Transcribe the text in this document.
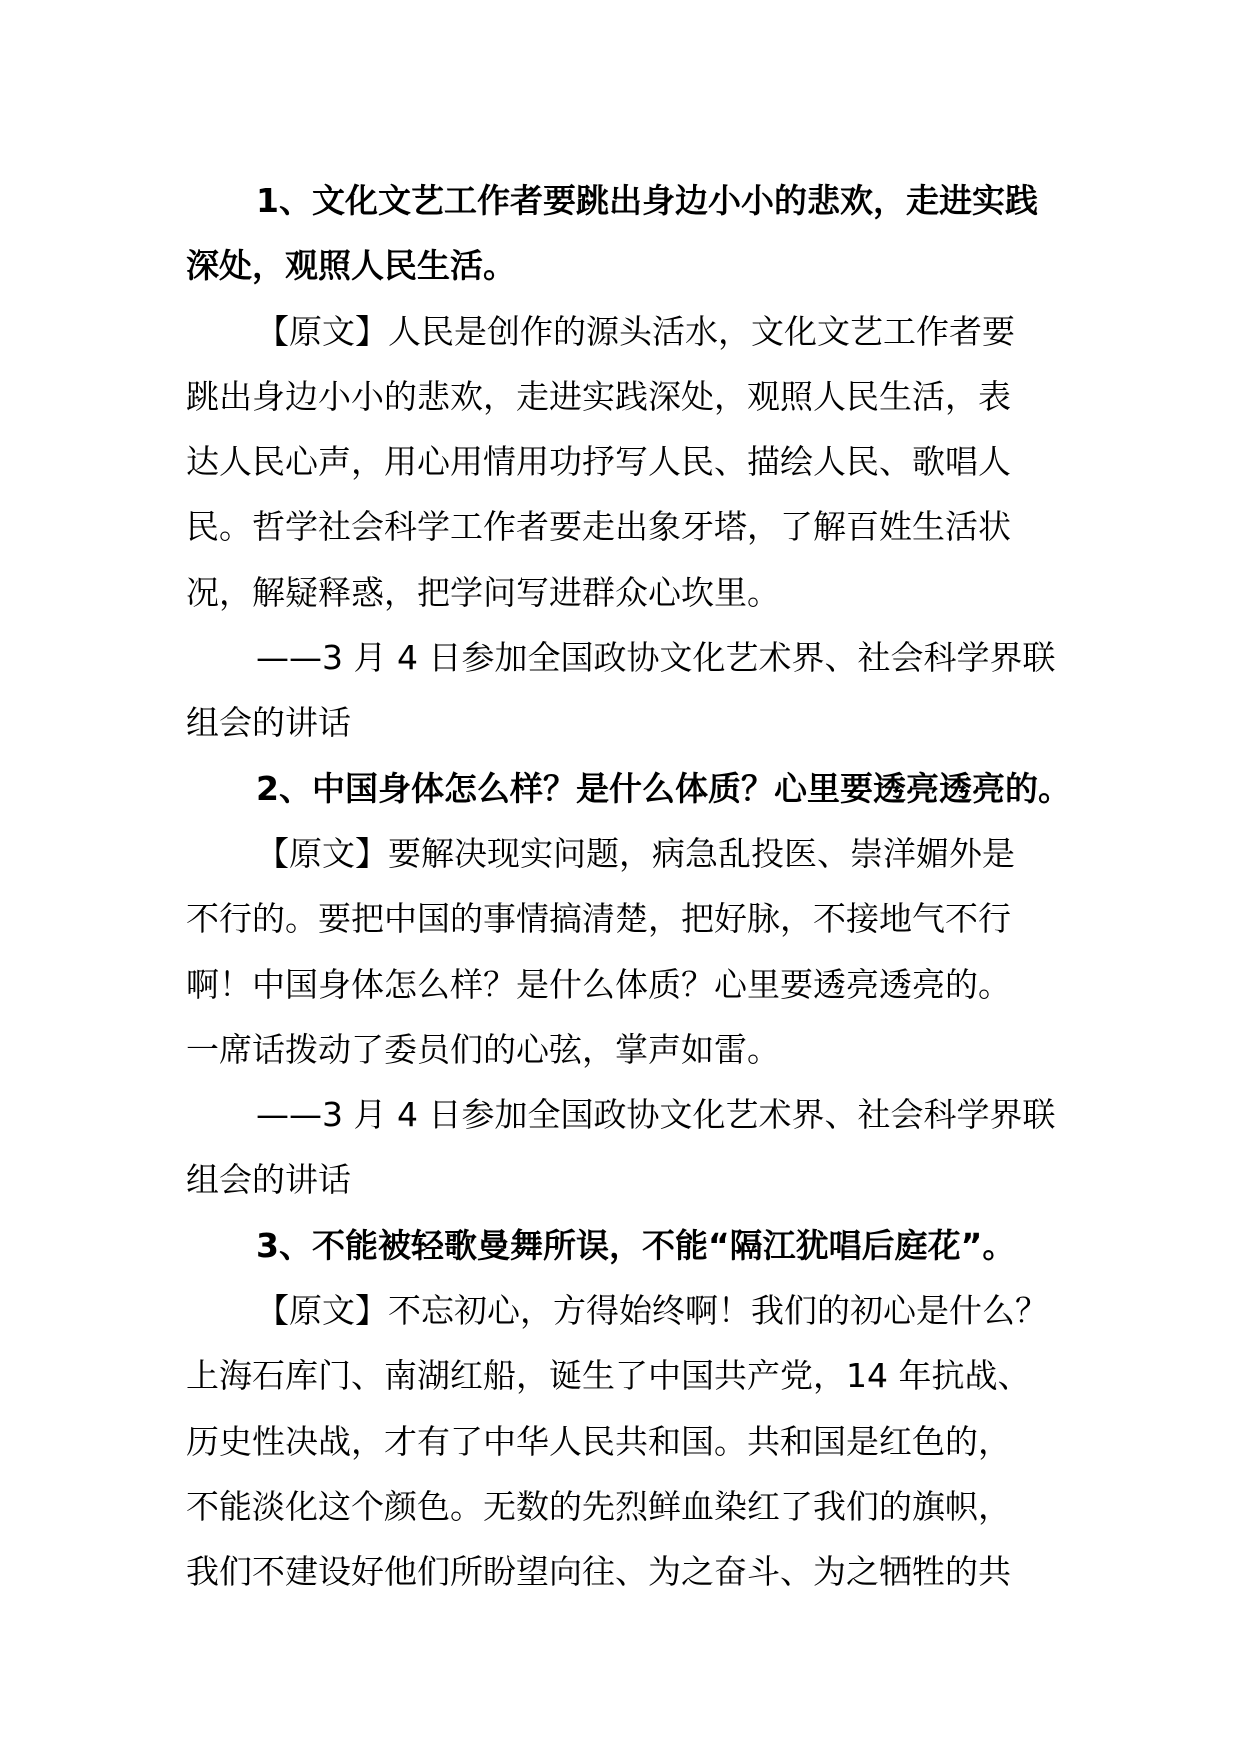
1、文化文艺工作者要跳出身边小小的悲欢，走进实践
深处，观照人民生活。
【原文】人民是创作的源头活水，文化文艺工作者要
跳出身边小小的悲欢，走进实践深处，观照人民生活，表
达人民心声，用心用情用功抒写人民、描绘人民、歌唱人
民。哲学社会科学工作者要走出象牙塔，了解百姓生活状
况，解疑释惑，把学问写进群众心坎里。
——3 月 4 日参加全国政协文化艺术界、社会科学界联
组会的讲话
2、中国身体怎么样？是什么体质？心里要透亮透亮的。
【原文】要解决现实问题，病急乱投医、崇洋媚外是
不行的。要把中国的事情搞清楚，把好脉，不接地气不行
啊！中国身体怎么样？是什么体质？心里要透亮透亮的。
一席话拨动了委员们的心弦，掌声如雷。
——3 月 4 日参加全国政协文化艺术界、社会科学界联
组会的讲话
3、不能被轻歌曼舞所误，不能“隔江犹唱后庭花”。
【原文】不忘初心，方得始终啊！我们的初心是什么？
上海石库门、南湖红船，诞生了中国共产党，14 年抗战、
历史性决战，才有了中华人民共和国。共和国是红色的，
不能淡化这个颜色。无数的先烈鲜血染红了我们的旗帜，
我们不建设好他们所盼望向往、为之奋斗、为之牺牲的共
